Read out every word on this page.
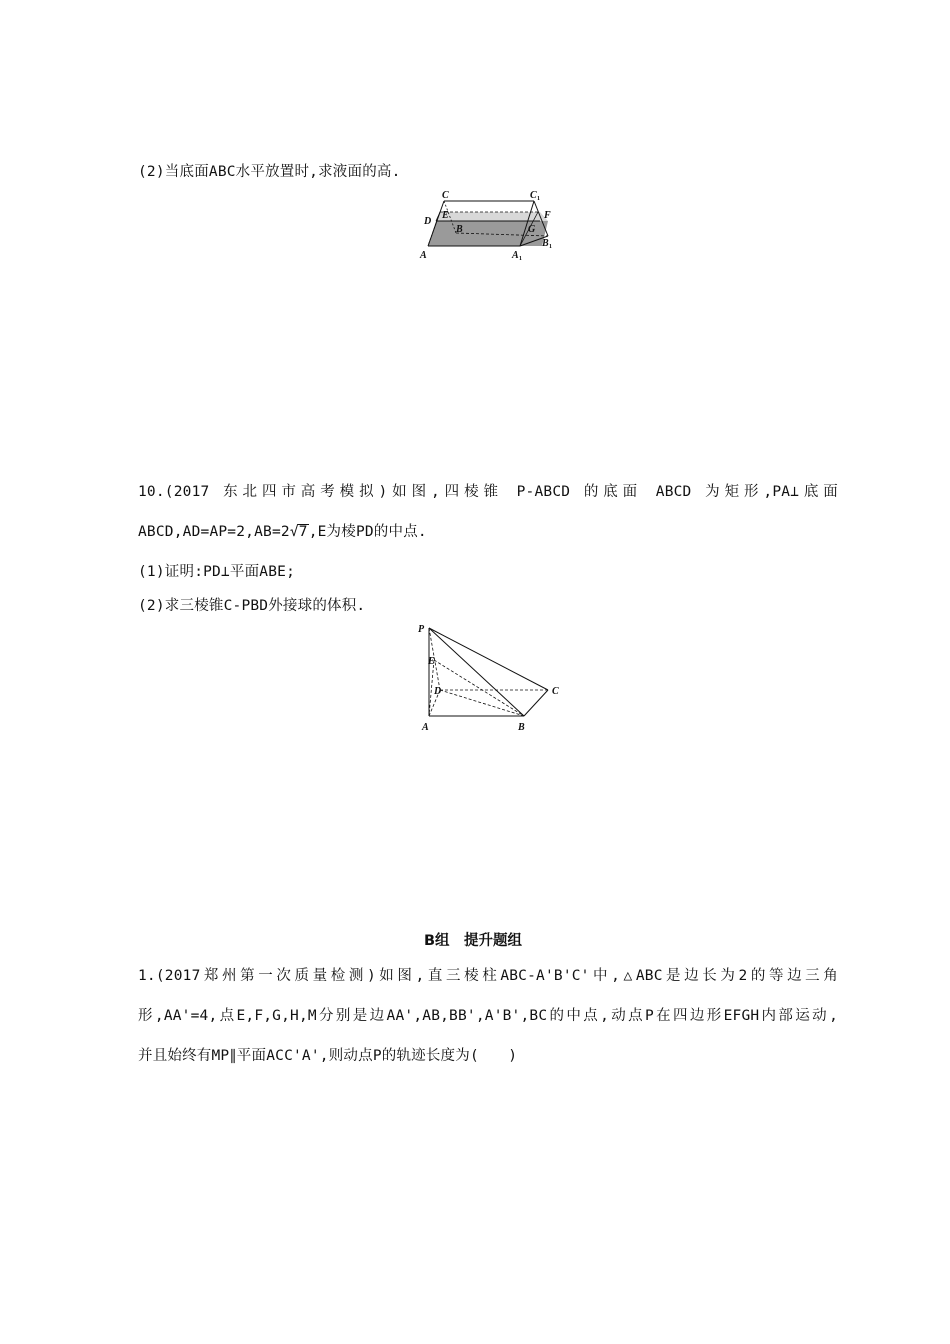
(2)当底面ABC水平放置时,求液面的高.
C	C 1
D
E	F
B	G
B 1
A	A 1
10.(2017 东北四市高考模拟)如图,四棱锥 P-ABCD 的底面 ABCD 为矩形,PA⊥底面
ABCD,AD=AP=2,AB=2√7,E为棱PD的中点.
(1)证明:PD⊥平面ABE;
(2)求三棱锥C-PBD外接球的体积.
P
E
D	C
A	B
B组　提升题组
1.(2017郑州第一次质量检测)如图,直三棱柱ABC-A'B'C'中,△ABC是边长为2的等边三角
形,AA'=4,点E,F,G,H,M分别是边AA',AB,BB',A'B',BC的中点,动点P在四边形EFGH内部运动,
并且始终有MP∥平面ACC'A',则动点P的轨迹长度为(　　)
